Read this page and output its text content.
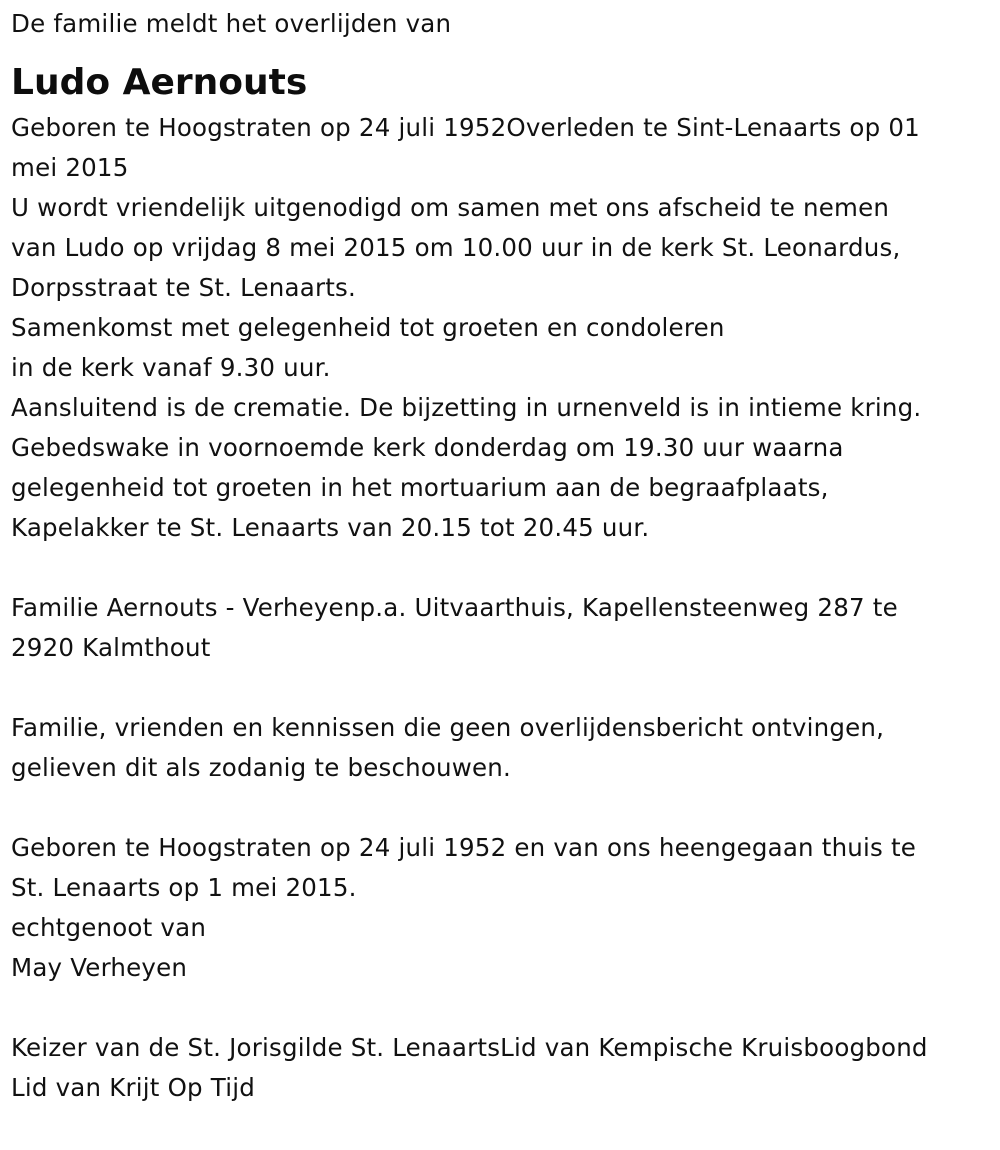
De familie meldt het overlijden van
Ludo Aernouts
Geboren te Hoogstraten op 24 juli 1952Overleden te Sint-Lenaarts op 01
mei 2015
U wordt vriendelijk uitgenodigd om samen met ons afscheid te nemen
van Ludo op vrijdag 8 mei 2015 om 10.00 uur in de kerk St. Leonardus,
Dorpsstraat te St. Lenaarts.
Samenkomst met gelegenheid tot groeten en condoleren
in de kerk vanaf 9.30 uur.
Aansluitend is de crematie. De bijzetting in urnenveld is in intieme kring.
Gebedswake in voornoemde kerk donderdag om 19.30 uur waarna
gelegenheid tot groeten in het mortuarium aan de begraafplaats,
Kapelakker te St. Lenaarts van 20.15 tot 20.45 uur.
Familie Aernouts - Verheyenp.a. Uitvaarthuis, Kapellensteenweg 287 te
2920 Kalmthout
Familie, vrienden en kennissen die geen overlijdensbericht ontvingen,
gelieven dit als zodanig te beschouwen.
Geboren te Hoogstraten op 24 juli 1952 en van ons heengegaan thuis te
St. Lenaarts op 1 mei 2015.
echtgenoot van
May Verheyen
Keizer van de St. Jorisgilde St. LenaartsLid van Kempische Kruisboogbond
Lid van Krijt Op Tijd
